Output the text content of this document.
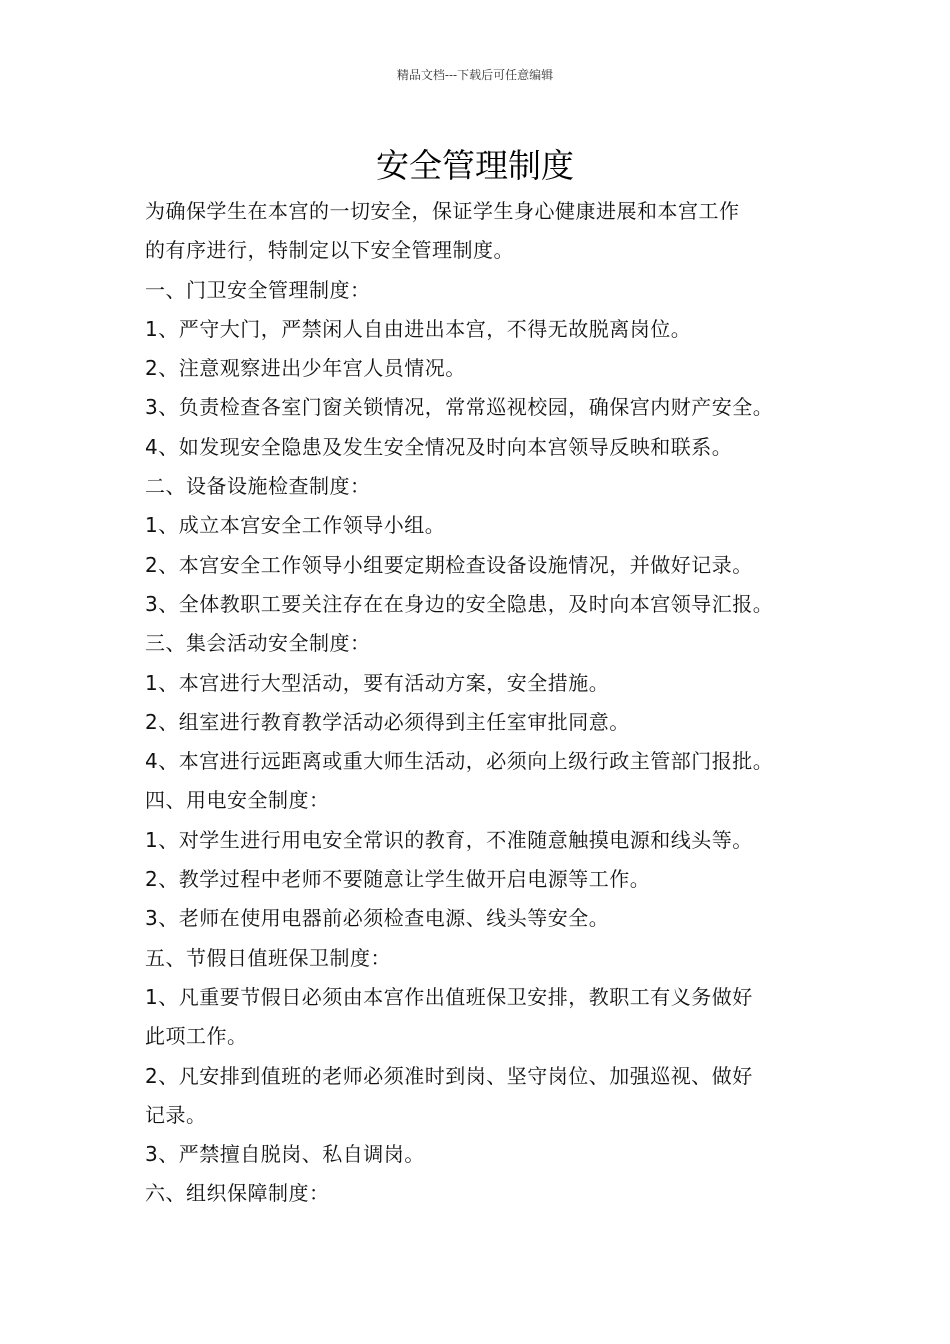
精品文档---下载后可任意编辑
安全管理制度
为确保学生在本宫的一切安全，保证学生身心健康进展和本宫工作
的有序进行，特制定以下安全管理制度。
一、门卫安全管理制度：
1、严守大门，严禁闲人自由进出本宫，不得无故脱离岗位。
2、注意观察进出少年宫人员情况。
3、负责检查各室门窗关锁情况，常常巡视校园，确保宫内财产安全。
4、如发现安全隐患及发生安全情况及时向本宫领导反映和联系。
二、设备设施检查制度：
1、成立本宫安全工作领导小组。
2、本宫安全工作领导小组要定期检查设备设施情况，并做好记录。
3、全体教职工要关注存在在身边的安全隐患，及时向本宫领导汇报。
三、集会活动安全制度：
1、本宫进行大型活动，要有活动方案，安全措施。
2、组室进行教育教学活动必须得到主任室审批同意。
4、本宫进行远距离或重大师生活动，必须向上级行政主管部门报批。
四、用电安全制度：
1、对学生进行用电安全常识的教育，不准随意触摸电源和线头等。
2、教学过程中老师不要随意让学生做开启电源等工作。
3、老师在使用电器前必须检查电源、线头等安全。
五、节假日值班保卫制度：
1、凡重要节假日必须由本宫作出值班保卫安排，教职工有义务做好
此项工作。
2、凡安排到值班的老师必须准时到岗、坚守岗位、加强巡视、做好
记录。
3、严禁擅自脱岗、私自调岗。
六、组织保障制度：
